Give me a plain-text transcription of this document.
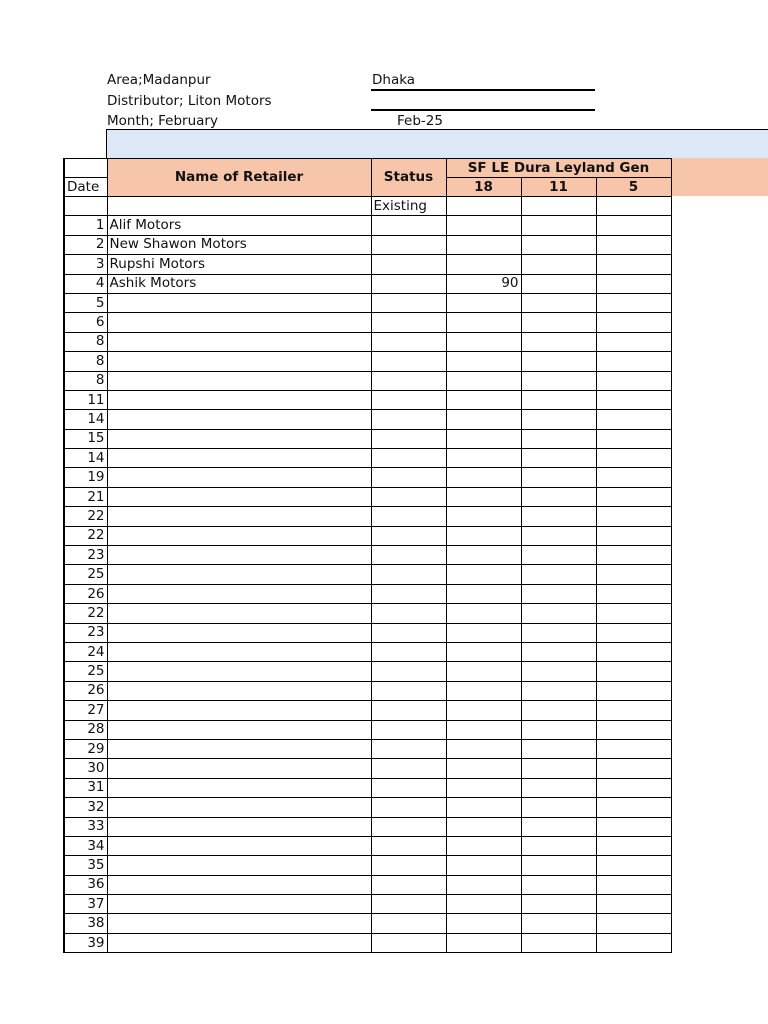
Area;Madanpur
Distributor; Liton Motors
Month; February
Dhaka
Feb-25
	Name of Retailer	Status	SF LE Dura Leyland Gen		
Date			18	11	5
		Existing			
1	Alif Motors				
2	New Shawon Motors				
3	Rupshi Motors				
4	Ashik Motors		90		
5					
6					
8					
8					
8					
11					
14					
15					
14					
19					
21					
22					
22					
23					
25					
26					
22					
23					
24					
25					
26					
27					
28					
29					
30					
31					
32					
33					
34					
35					
36					
37					
38					
39					
